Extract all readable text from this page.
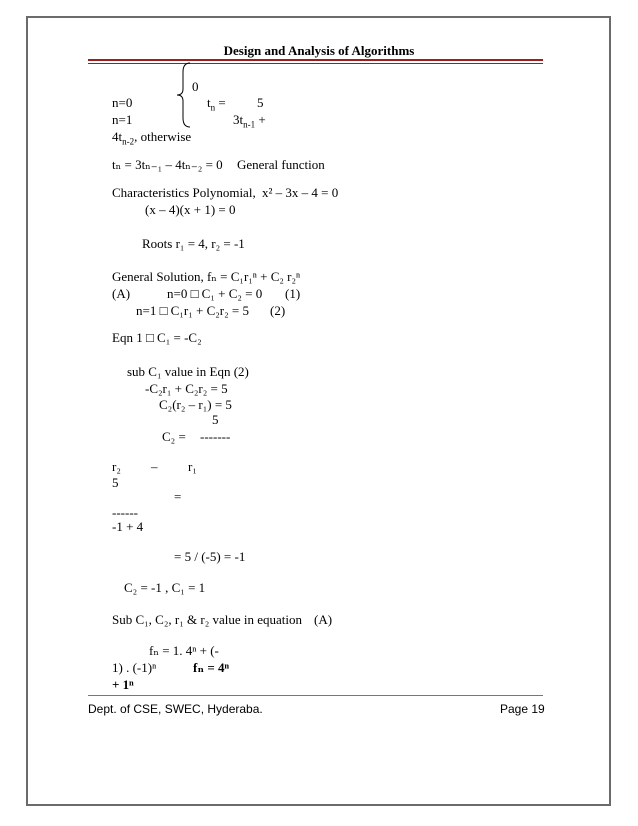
Design and Analysis of Algorithms
0
n=0	$t_n = 5$
n=1	$3t_{n-1}$ +
$4t_{n-2}$, otherwise
tₙ = 3tₙ₋₁ – 4tₙ₋₂ = 0 General function
Characteristics Polynomial, x² – 3x – 4 = 0
(x – 4)(x + 1) = 0
Roots r₁ = 4, r₂ = -1
General Solution, fₙ = C₁r₁ⁿ + C₂ r₂ⁿ
(A)	n=0 □ C₁ + C₂ = 0 (1)
n=1 □ C₁r₁ + C₂r₂ = 5 (2)
Eqn 1 □ C₁ = -C₂
sub C₁ value in Eqn (2)
-C₂r₁ + C₂r₂ = 5
C₂(r₂ – r₁) = 5
5
C₂ = -------
r₂ – r₁
5
=
------
-1 + 4
= 5 / (-5) = -1
C₂ = -1 , C₁ = 1
Sub C₁, C₂, r₁ & r₂ value in equation (A)
fₙ = 1. 4ⁿ + (-
1) . (-1)ⁿ	fₙ = 4ⁿ
+ 1ⁿ
Dept. of CSE, SWEC, Hyderaba.	Page 19
